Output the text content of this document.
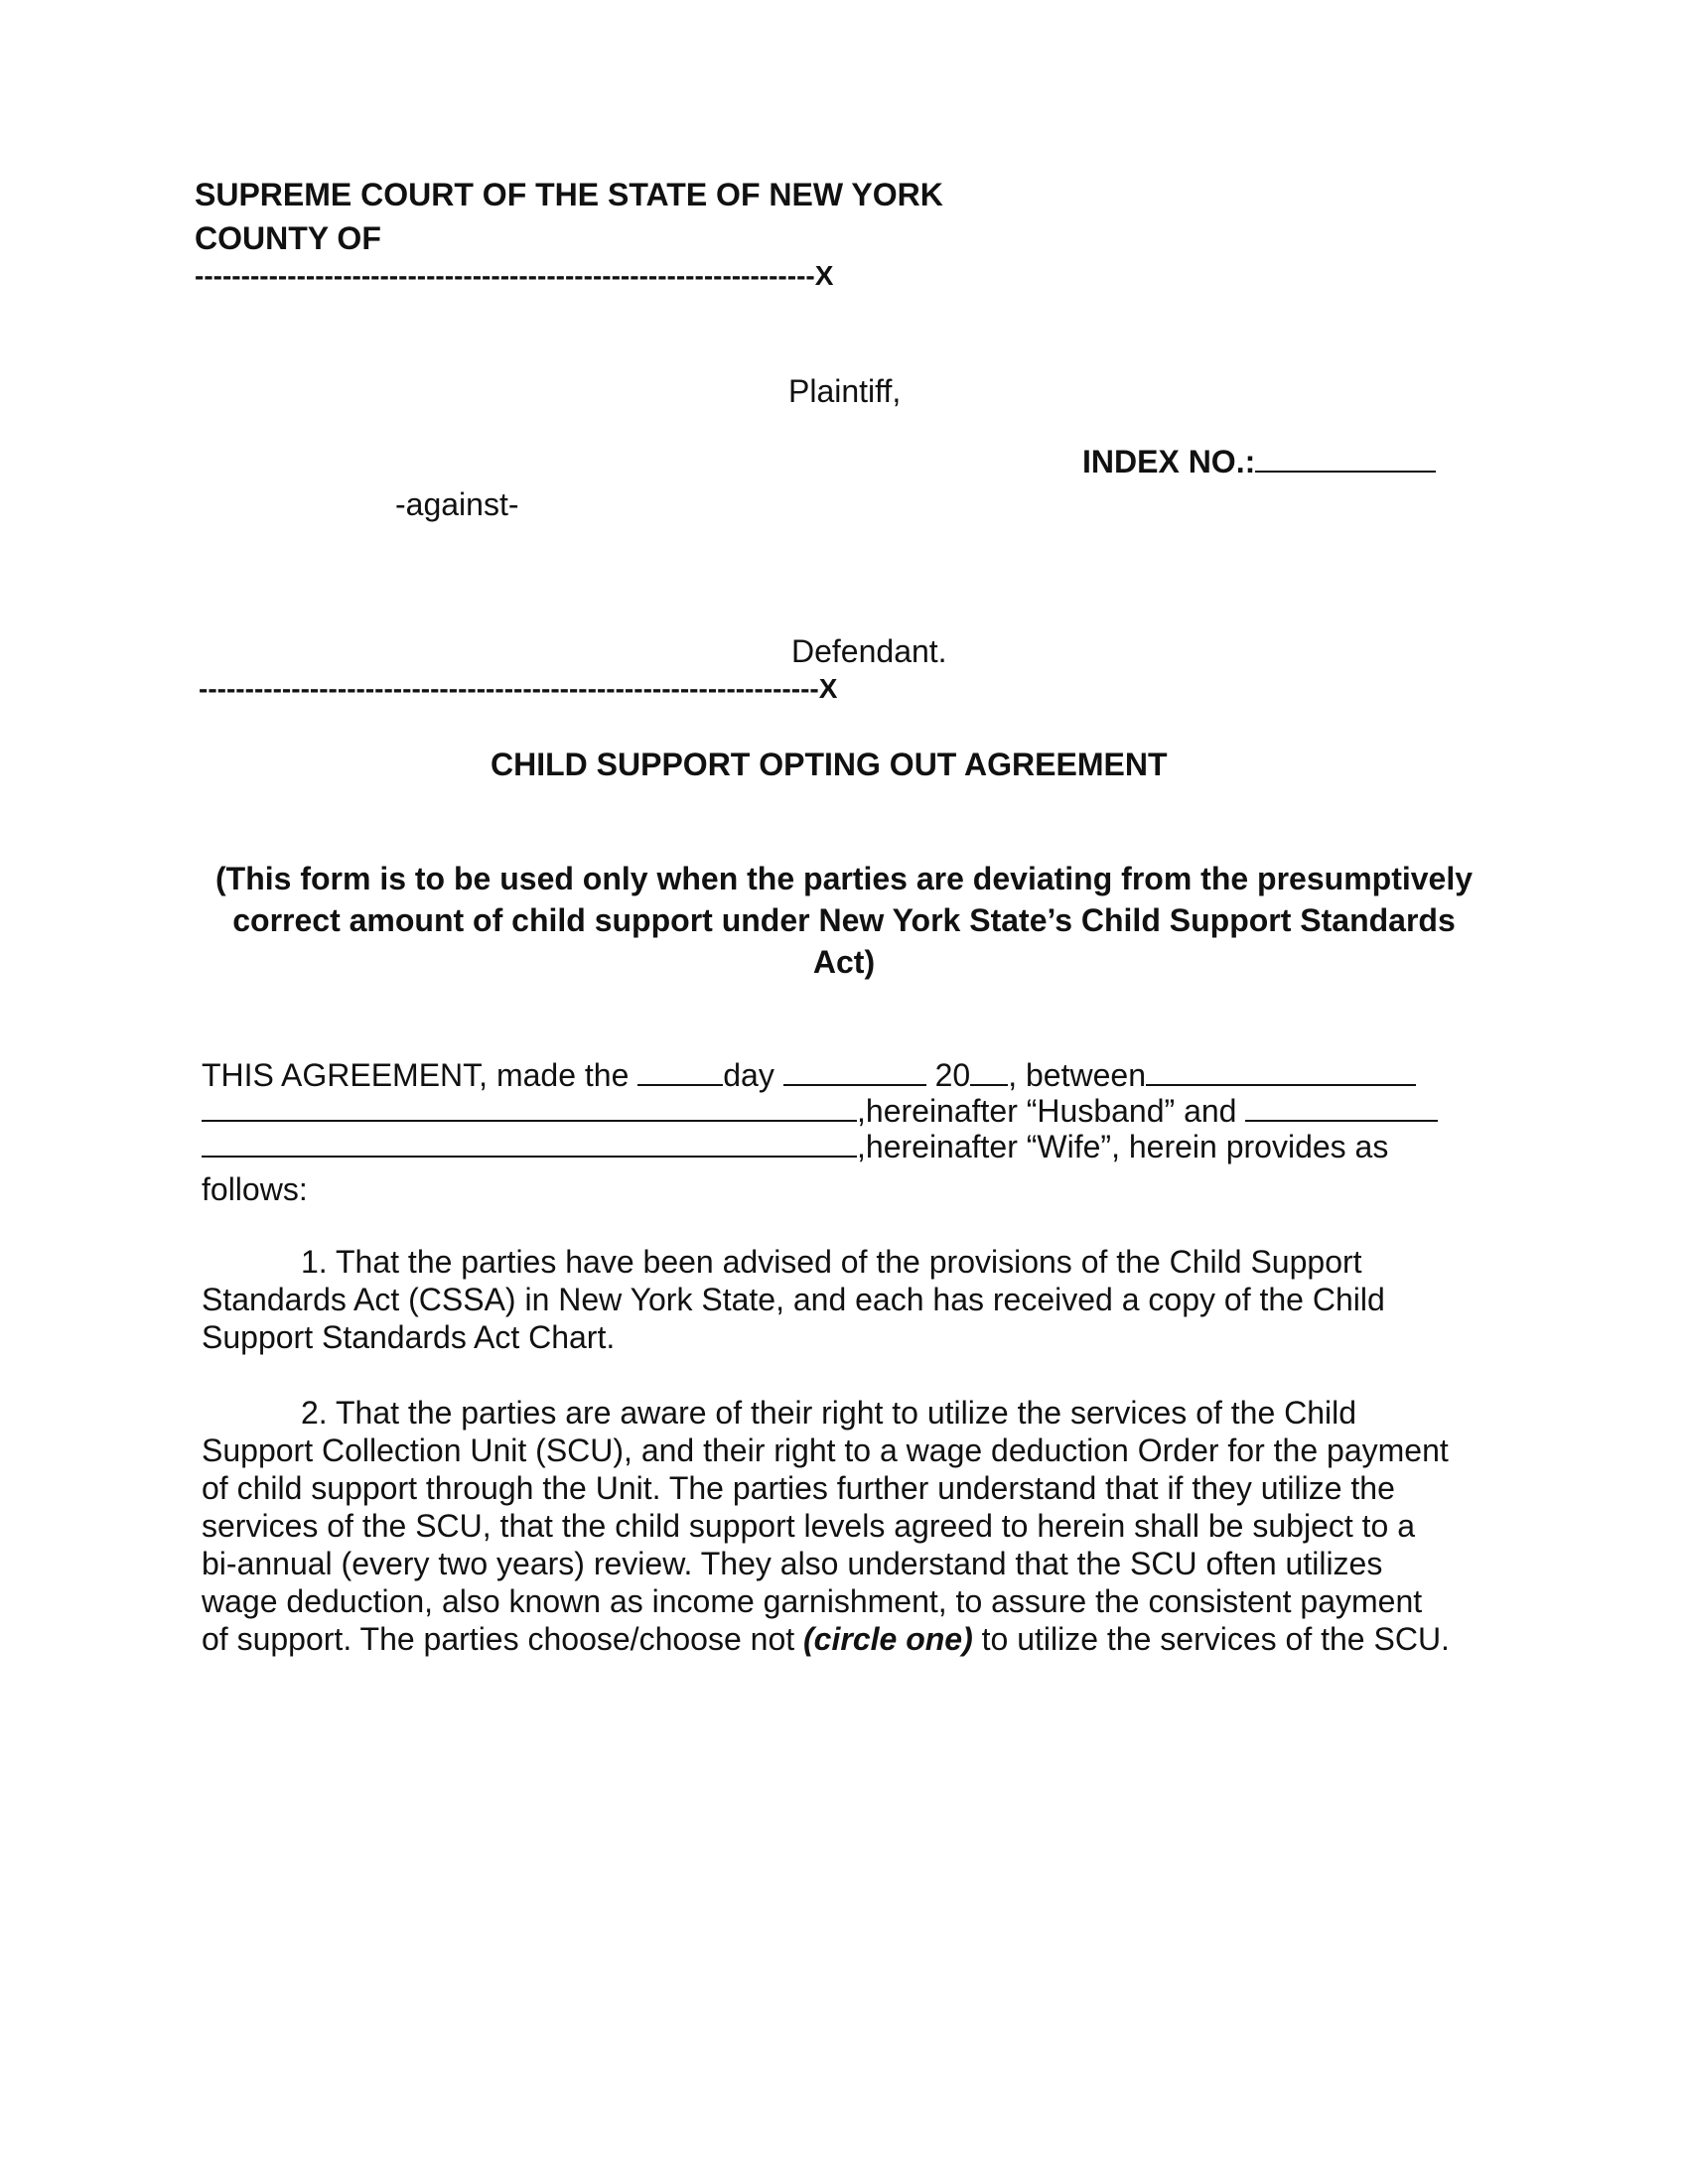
SUPREME COURT OF THE STATE OF NEW YORK
COUNTY OF
-------------------------------------------------------------------X
Plaintiff,
INDEX NO.:
-against-
Defendant.
-------------------------------------------------------------------X
CHILD SUPPORT OPTING OUT AGREEMENT
(This form is to be used only when the parties are deviating from the presumptively correct amount of child support under New York State’s Child Support Standards Act)
THIS AGREEMENT, made the	day	20 , between
,hereinafter “Husband” and
,hereinafter “Wife”, herein provides as
follows:
1. That the parties have been advised of the provisions of the Child Support Standards Act (CSSA) in New York State, and each has received a copy of the Child Support Standards Act Chart.
2. That the parties are aware of their right to utilize the services of the Child Support Collection Unit (SCU), and their right to a wage deduction Order for the payment of child support through the Unit. The parties further understand that if they utilize the services of the SCU, that the child support levels agreed to herein shall be subject to a bi-annual (every two years) review. They also understand that the SCU often utilizes wage deduction, also known as income garnishment, to assure the consistent payment of support. The parties choose/choose not (circle one) to utilize the services of the SCU.
